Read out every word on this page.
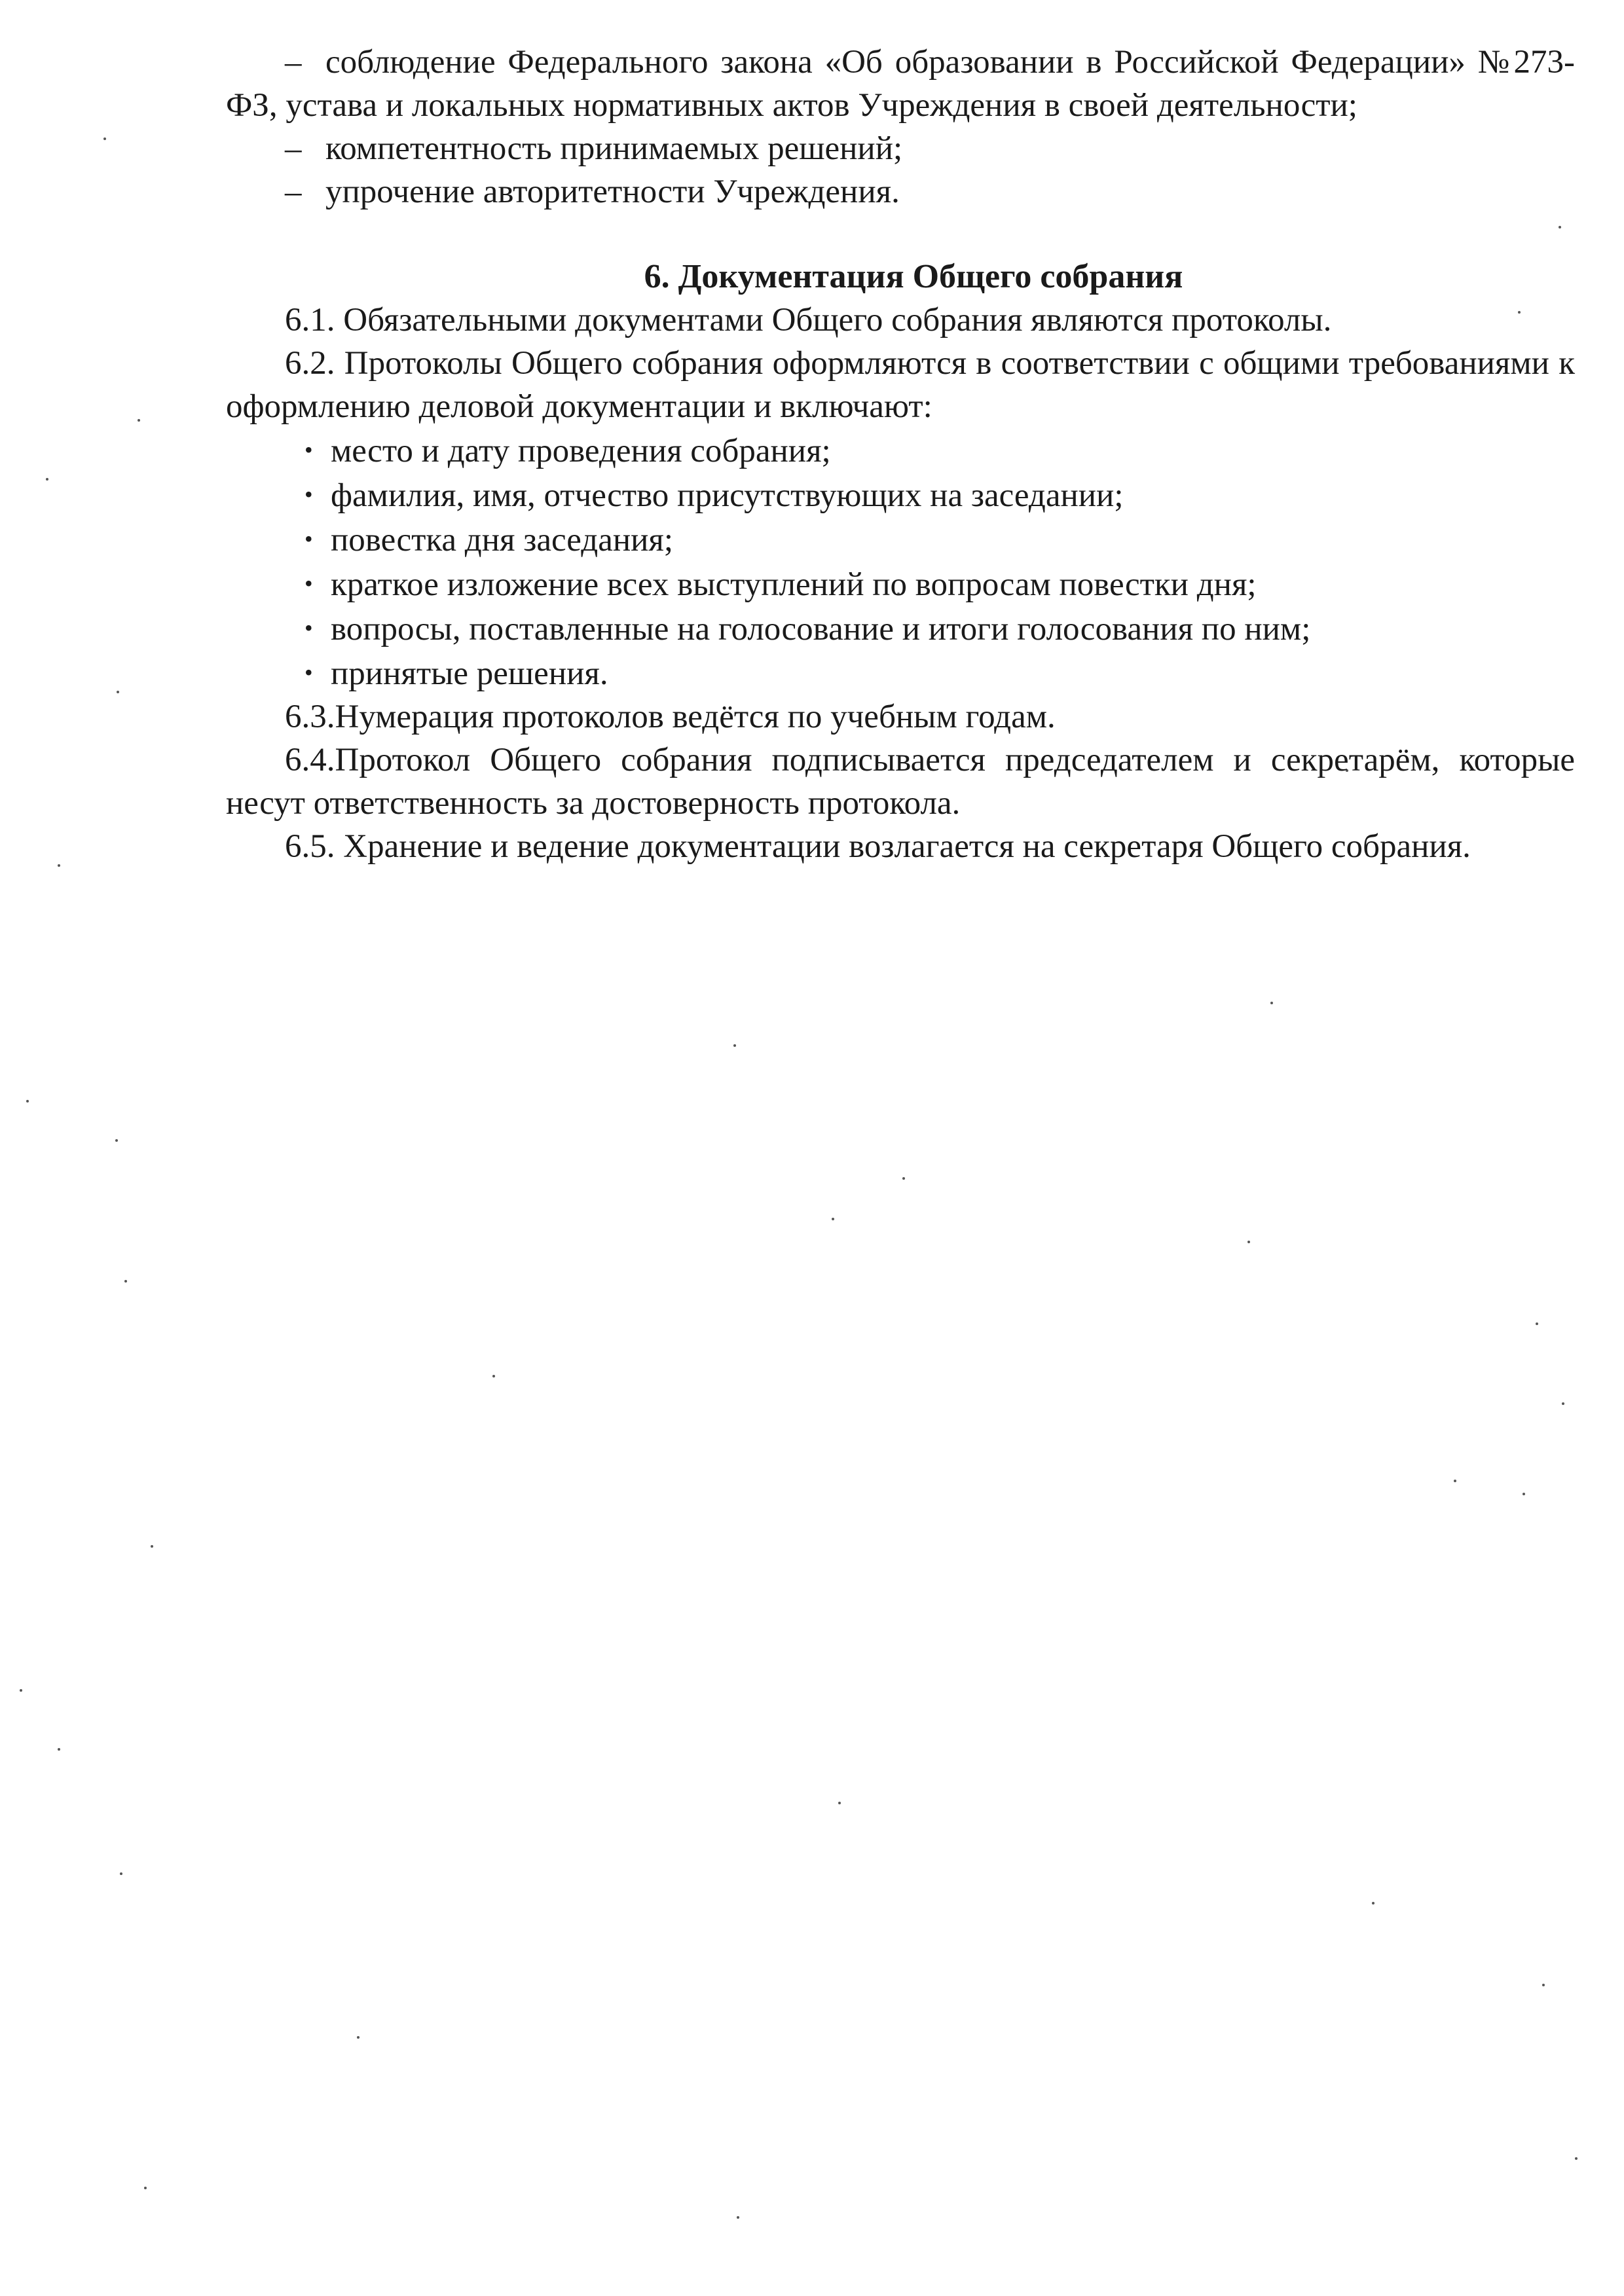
– соблюдение Федерального закона «Об образовании в Российской Федерации» №273-ФЗ, устава и локальных нормативных актов Учреждения в своей деятельности;

– компетентность принимаемых решений;

– упрочение авторитетности Учреждения.

6. Документация Общего собрания

6.1. Обязательными документами Общего собрания являются протоколы.

6.2. Протоколы Общего собрания оформляются в соответствии с общими требованиями к оформлению деловой документации и включают:

• место и дату проведения собрания;
• фамилия, имя, отчество присутствующих на заседании;
• повестка дня заседания;
• краткое изложение всех выступлений по вопросам повестки дня;
• вопросы, поставленные на голосование и итоги голосования по ним;
• принятые решения.

6.3.Нумерация протоколов ведётся по учебным годам.

6.4.Протокол Общего собрания подписывается председателем и секретарём, которые несут ответственность за достоверность протокола.

6.5. Хранение и ведение документации возлагается на секретаря Общего собрания.
